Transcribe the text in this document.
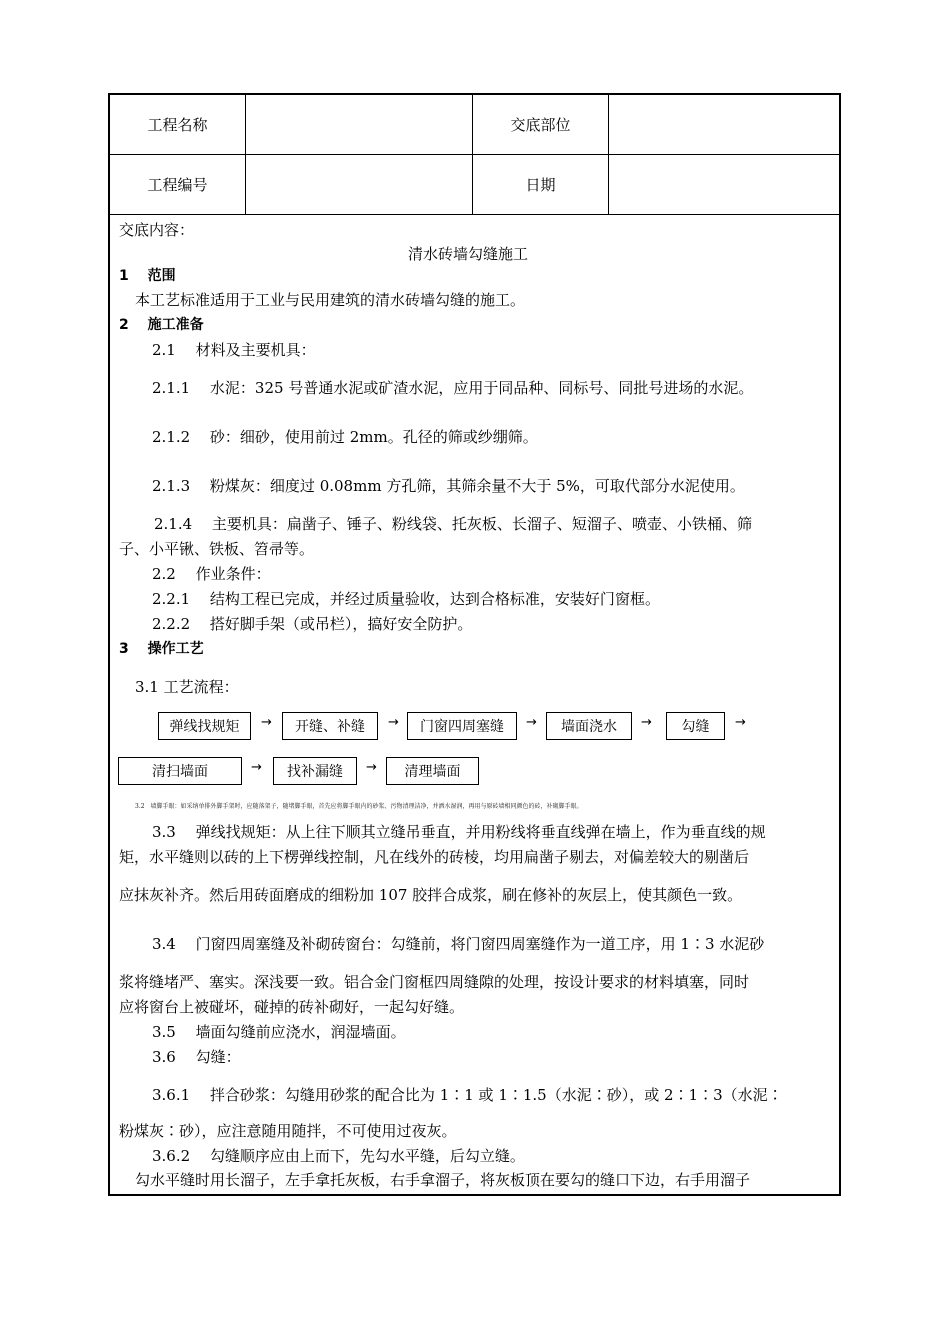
工程名称	交底部位
工程编号	日期
交底内容：
清水砖墙勾缝施工
1　 范围
本工艺标准适用于工业与民用建筑的清水砖墙勾缝的施工。
2　 施工准备
2.1　 材料及主要机具：
2.1.1　 水泥：325 号普通水泥或矿渣水泥，应用于同品种、同标号、同批号进场的水泥。
2.1.2　 砂：细砂，使用前过 2mm。孔径的筛或纱绷筛。
2.1.3　 粉煤灰：细度过 0.08mm 方孔筛，其筛余量不大于 5%，可取代部分水泥使用。
2.1.4　 主要机具：扁凿子、锤子、粉线袋、托灰板、长溜子、短溜子、喷壶、小铁桶、筛
子、小平锹、铁板、笤帚等。
2.2　 作业条件：
2.2.1　 结构工程已完成，并经过质量验收，达到合格标准，安装好门窗框。
2.2.2　 搭好脚手架（或吊栏），搞好安全防护。
3　 操作工艺
3.1 工艺流程：
弹线找规矩	→	开缝、补缝	→	门窗四周塞缝	→	墙面浇水	→	勾缝	→
清扫墙面	→	找补漏缝	→	清理墙面
3.2　墙脚手眼：如采纳单排外脚手架时，应随落架子，随堵脚手眼，首先应将脚手眼内的砂浆、污物清理洁净，并洒水湿润，再用与原砖墙相同颜色的砖，补砌脚手眼。
3.3　 弹线找规矩：从上往下顺其立缝吊垂直，并用粉线将垂直线弹在墙上，作为垂直线的规
矩，水平缝则以砖的上下楞弹线控制，凡在线外的砖棱，均用扁凿子剔去，对偏差较大的剔凿后
应抹灰补齐。然后用砖面磨成的细粉加 107 胶拌合成浆，刷在修补的灰层上，使其颜色一致。
3.4　 门窗四周塞缝及补砌砖窗台：勾缝前，将门窗四周塞缝作为一道工序，用 1∶3 水泥砂
浆将缝堵严、塞实。深浅要一致。铝合金门窗框四周缝隙的处理，按设计要求的材料填塞，同时
应将窗台上被碰坏，碰掉的砖补砌好，一起勾好缝。
3.5　 墙面勾缝前应浇水，润湿墙面。
3.6　 勾缝：
3.6.1　 拌合砂浆：勾缝用砂浆的配合比为 1∶1 或 1∶1.5（水泥∶砂），或 2∶1∶3（水泥∶
粉煤灰∶砂），应注意随用随拌，不可使用过夜灰。
3.6.2　 勾缝顺序应由上而下，先勾水平缝，后勾立缝。
勾水平缝时用长溜子，左手拿托灰板，右手拿溜子，将灰板顶在要勾的缝口下边，右手用溜子
